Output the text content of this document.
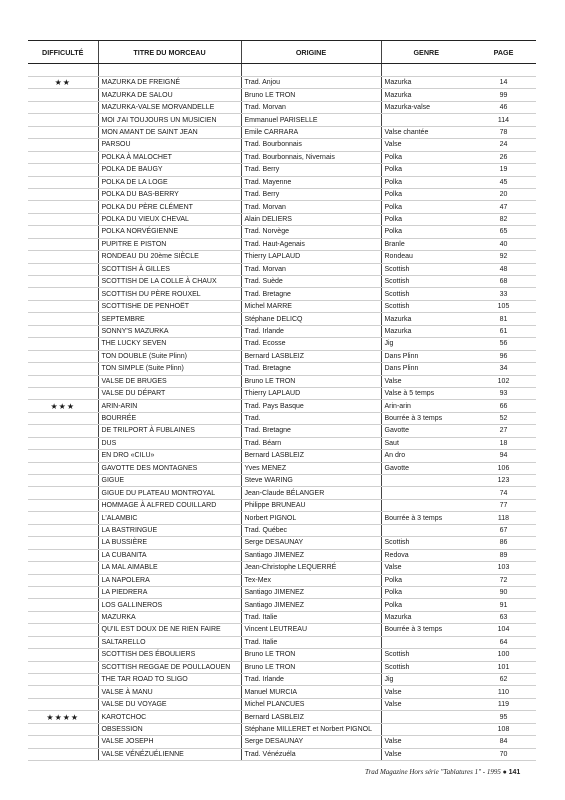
DIFFICULTÉ	TITRE DU MORCEAU	ORIGINE	GENRE	PAGE

★★	MAZURKA DE FREIGNÉ	Trad. Anjou	Mazurka	14
	MAZURKA DE SALOU	Bruno LE TRON	Mazurka	99
	MAZURKA-VALSE MORVANDELLE	Trad. Morvan	Mazurka-valse	46
	MOI J'AI TOUJOURS UN MUSICIEN	Emmanuel PARISELLE		114
	MON AMANT DE SAINT JEAN	Emile CARRARA	Valse chantée	78
	PARSOU	Trad. Bourbonnais	Valse	24
	POLKA À MALOCHET	Trad. Bourbonnais, Nivernais	Polka	26
	POLKA DE BAUGY	Trad. Berry	Polka	19
	POLKA DE LA LOGE	Trad. Mayenne	Polka	45
	POLKA DU BAS-BERRY	Trad. Berry	Polka	20
	POLKA DU PÈRE CLÉMENT	Trad. Morvan	Polka	47
	POLKA DU VIEUX CHEVAL	Alain DELIERS	Polka	82
	POLKA NORVÉGIENNE	Trad. Norvège	Polka	65
	PUPITRE E PISTON	Trad. Haut-Agenais	Branle	40
	RONDEAU DU 20ème SIÈCLE	Thierry LAPLAUD	Rondeau	92
	SCOTTISH À GILLES	Trad. Morvan	Scottish	48
	SCOTTISH DE LA COLLE À CHAUX	Trad. Suède	Scottish	68
	SCOTTISH DU PÈRE ROUXEL	Trad. Bretagne	Scottish	33
	SCOTTISHE DE PENHOËT	Michel MARRE	Scottish	105
	SEPTEMBRE	Stéphane DELICQ	Mazurka	81
	SONNY'S MAZURKA	Trad. Irlande	Mazurka	61
	THE LUCKY SEVEN	Trad. Ecosse	Jig	56
	TON DOUBLE (Suite Plinn)	Bernard LASBLEIZ	Dans Plinn	96
	TON SIMPLE (Suite Plinn)	Trad. Bretagne	Dans Plinn	34
	VALSE DE BRUGES	Bruno LE TRON	Valse	102
	VALSE DU DÉPART	Thierry LAPLAUD	Valse à 5 temps	93
★★★	ARIN-ARIN	Trad. Pays Basque	Arin-arin	66
	BOURRÉE	Trad.	Bourrée à 3 temps	52
	DE TRILPORT À FUBLAINES	Trad. Bretagne	Gavotte	27
	DUS	Trad. Béarn	Saut	18
	EN DRO «CILU»	Bernard LASBLEIZ	An dro	94
	GAVOTTE DES MONTAGNES	Yves MENEZ	Gavotte	106
	GIGUE	Steve WARING		123
	GIGUE DU PLATEAU MONTROYAL	Jean-Claude BÉLANGER		74
	HOMMAGE À ALFRED COUILLARD	Philippe BRUNEAU		77
	L'ALAMBIC	Norbert PIGNOL	Bourrée à 3 temps	118
	LA BASTRINGUE	Trad. Québec		67
	LA BUSSIÈRE	Serge DESAUNAY	Scottish	86
	LA CUBANITA	Santiago JIMENEZ	Redova	89
	LA MAL AIMABLE	Jean-Christophe LEQUERRÉ	Valse	103
	LA NAPOLERA	Tex-Mex	Polka	72
	LA PIEDRERA	Santiago JIMENEZ	Polka	90
	LOS GALLINEROS	Santiago JIMENEZ	Polka	91
	MAZURKA	Trad. Italie	Mazurka	63
	QU'IL EST DOUX DE NE RIEN FAIRE	Vincent LEUTREAU	Bourrée à 3 temps	104
	SALTARELLO	Trad. Italie		64
	SCOTTISH DES ÉBOULIERS	Bruno LE TRON	Scottish	100
	SCOTTISH REGGAE DE POULLAOUEN	Bruno LE TRON	Scottish	101
	THE TAR ROAD TO SLIGO	Trad. Irlande	Jig	62
	VALSE À MANU	Manuel MURCIA	Valse	110
	VALSE DU VOYAGE	Michel PLANCUES	Valse	119
★★★★	KAROTCHOC	Bernard LASBLEIZ		95
	OBSESSION	Stéphane MILLERET et Norbert PIGNOL		108
	VALSE JOSEPH	Serge DESAUNAY	Valse	84
	VALSE VÉNÉZUÉLIENNE	Trad. Vénézuéla	Valse	70
Trad Magazine Hors série "Tablatures 1" - 1995 ● 141
